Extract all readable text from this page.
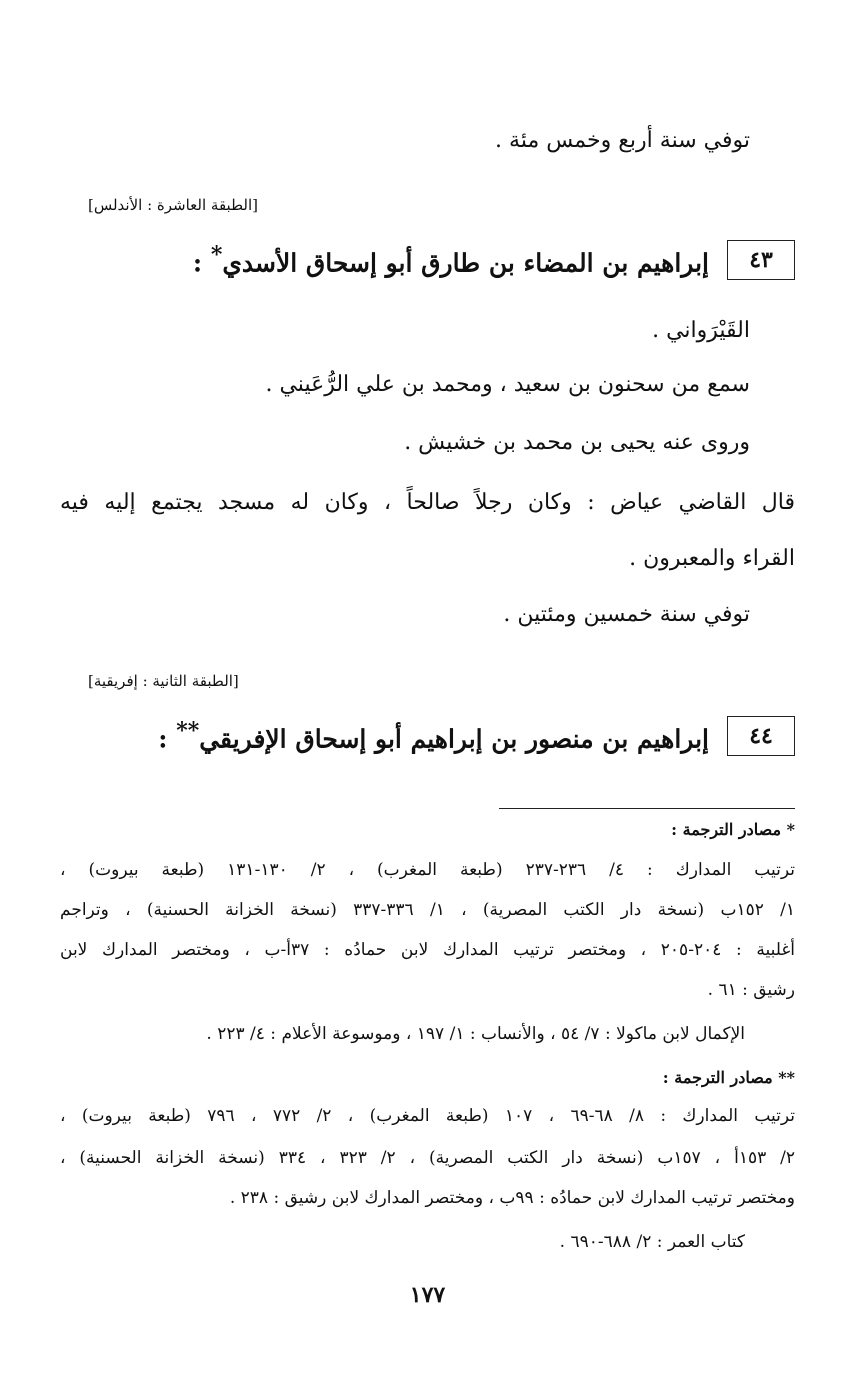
توفي سنة أربع وخمس مئة .
[الطبقة العاشرة : الأندلس]
٤٣
إبراهيم بن المضاء بن طارق أبو إسحاق الأسدي* :
القَيْرَواني .
سمع من سحنون بن سعيد ، ومحمد بن علي الرُّعَيني .
وروى عنه يحيى بن محمد بن خشيش .
قال القاضي عياض : وكان رجلاً صالحاً ، وكان له مسجد يجتمع إليه فيه
القراء والمعبرون .
توفي سنة خمسين ومئتين .
[الطبقة الثانية : إفريقية]
٤٤
إبراهيم بن منصور بن إبراهيم أبو إسحاق الإفريقي** :
* مصادر الترجمة :
ترتيب المدارك : ٤/ ٢٣٦-٢٣٧ (طبعة المغرب) ، ٢/ ١٣٠-١٣١ (طبعة بيروت) ،
١/ ١٥٢ب (نسخة دار الكتب المصرية) ، ١/ ٣٣٦-٣٣٧ (نسخة الخزانة الحسنية) ، وتراجم
أغلبية : ٢٠٤-٢٠٥ ، ومختصر ترتيب المدارك لابن حمادُه : ٣٧أ-ب ، ومختصر المدارك لابن
رشيق : ٦١ .
الإكمال لابن ماكولا : ٧/ ٥٤ ، والأنساب : ١/ ١٩٧ ، وموسوعة الأعلام : ٤/ ٢٢٣ .
** مصادر الترجمة :
ترتيب المدارك : ٨/ ٦٨-٦٩ ، ١٠٧ (طبعة المغرب) ، ٢/ ٧٧٢ ، ٧٩٦ (طبعة بيروت) ،
٢/ ١٥٣أ ، ١٥٧ب (نسخة دار الكتب المصرية) ، ٢/ ٣٢٣ ، ٣٣٤ (نسخة الخزانة الحسنية) ،
ومختصر ترتيب المدارك لابن حمادُه : ٩٩ب ، ومختصر المدارك لابن رشيق : ٢٣٨ .
كتاب العمر : ٢/ ٦٨٨-٦٩٠ .
١٧٧
